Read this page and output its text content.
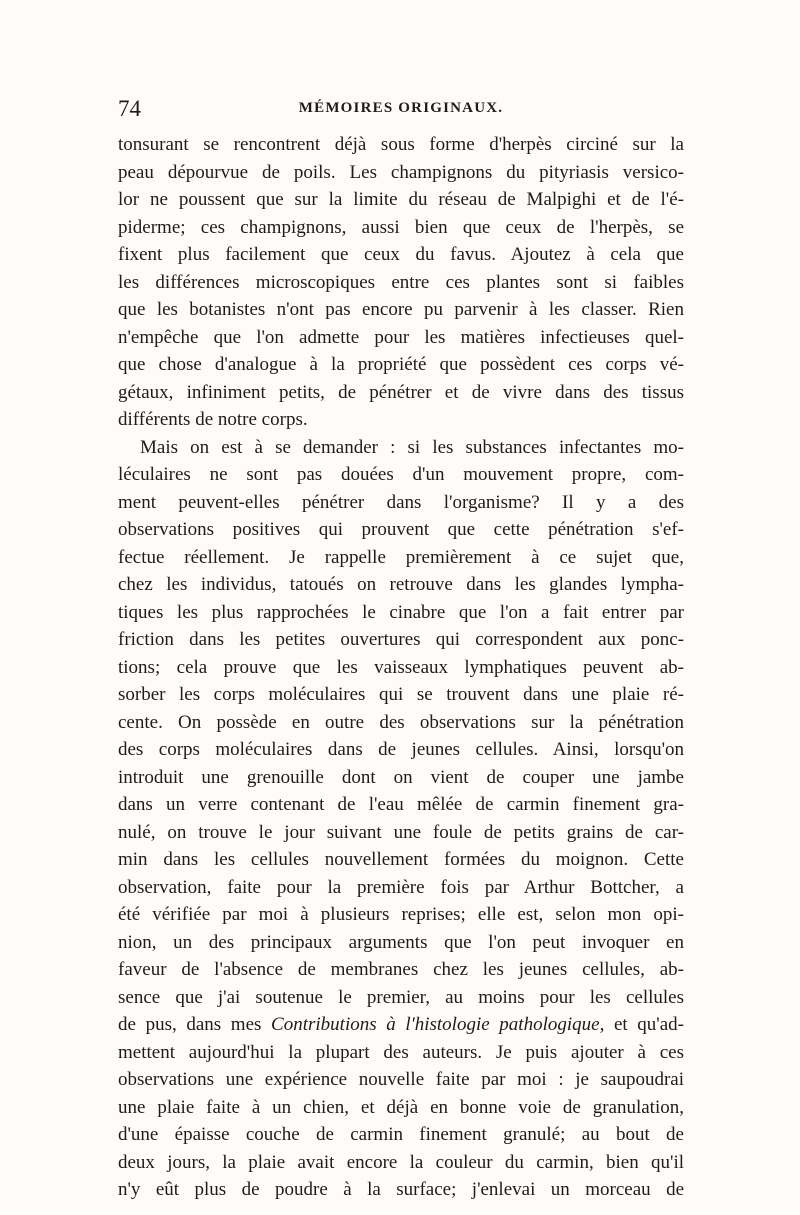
74	MÉMOIRES ORIGINAUX.
tonsurant se rencontrent déjà sous forme d'herpès circiné sur la
peau dépourvue de poils. Les champignons du pityriasis versico-
lor ne poussent que sur la limite du réseau de Malpighi et de l'é-
piderme; ces champignons, aussi bien que ceux de l'herpès, se
fixent plus facilement que ceux du favus. Ajoutez à cela que
les différences microscopiques entre ces plantes sont si faibles
que les botanistes n'ont pas encore pu parvenir à les classer. Rien
n'empêche que l'on admette pour les matières infectieuses quel-
que chose d'analogue à la propriété que possèdent ces corps vé-
gétaux, infiniment petits, de pénétrer et de vivre dans des tissus
différents de notre corps.
Mais on est à se demander : si les substances infectantes mo-
léculaires ne sont pas douées d'un mouvement propre, com-
ment peuvent-elles pénétrer dans l'organisme? Il y a des
observations positives qui prouvent que cette pénétration s'ef-
fectue réellement. Je rappelle premièrement à ce sujet que,
chez les individus, tatoués on retrouve dans les glandes lympha-
tiques les plus rapprochées le cinabre que l'on a fait entrer par
friction dans les petites ouvertures qui correspondent aux ponc-
tions; cela prouve que les vaisseaux lymphatiques peuvent ab-
sorber les corps moléculaires qui se trouvent dans une plaie ré-
cente. On possède en outre des observations sur la pénétration
des corps moléculaires dans de jeunes cellules. Ainsi, lorsqu'on
introduit une grenouille dont on vient de couper une jambe
dans un verre contenant de l'eau mêlée de carmin finement gra-
nulé, on trouve le jour suivant une foule de petits grains de car-
min dans les cellules nouvellement formées du moignon. Cette
observation, faite pour la première fois par Arthur Bottcher, a
été vérifiée par moi à plusieurs reprises; elle est, selon mon opi-
nion, un des principaux arguments que l'on peut invoquer en
faveur de l'absence de membranes chez les jeunes cellules, ab-
sence que j'ai soutenue le premier, au moins pour les cellules
de pus, dans mes Contributions à l'histologie pathologique, et qu'ad-
mettent aujourd'hui la plupart des auteurs. Je puis ajouter à ces
observations une expérience nouvelle faite par moi : je saupoudrai
une plaie faite à un chien, et déjà en bonne voie de granulation,
d'une épaisse couche de carmin finement granulé; au bout de
deux jours, la plaie avait encore la couleur du carmin, bien qu'il
n'y eût plus de poudre à la surface; j'enlevai un morceau de
